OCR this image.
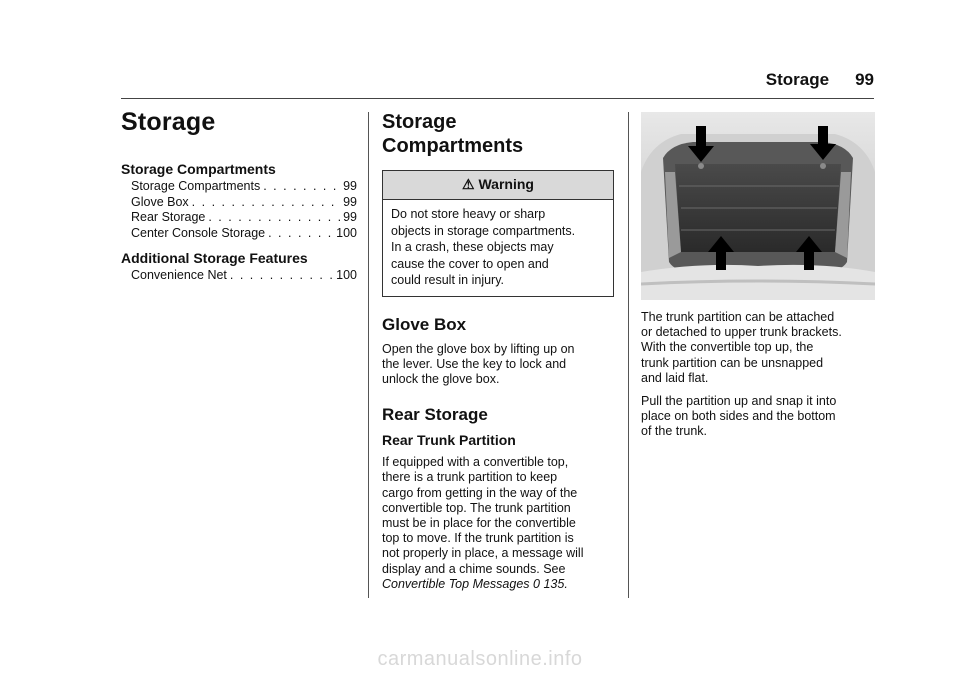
Storage 99
Storage
Storage Compartments
Storage Compartments . . .	99
Glove Box . . .	99
Rear Storage . . .	99
Center Console Storage . . .	100
Additional Storage Features
Convenience Net . . .	100
Storage
Compartments
⚠ Warning
Do not store heavy or sharp
objects in storage compartments.
In a crash, these objects may
cause the cover to open and
could result in injury.
Glove Box
Open the glove box by lifting up on
the lever. Use the key to lock and
unlock the glove box.
Rear Storage
Rear Trunk Partition
If equipped with a convertible top,
there is a trunk partition to keep
cargo from getting in the way of the
convertible top. The trunk partition
must be in place for the convertible
top to move. If the trunk partition is
not properly in place, a message will
display and a chime sounds. See
Convertible Top Messages 0 135.
The trunk partition can be attached
or detached to upper trunk brackets.
With the convertible top up, the
trunk partition can be unsnapped
and laid flat.
Pull the partition up and snap it into
place on both sides and the bottom
of the trunk.
carmanualsonline.info
